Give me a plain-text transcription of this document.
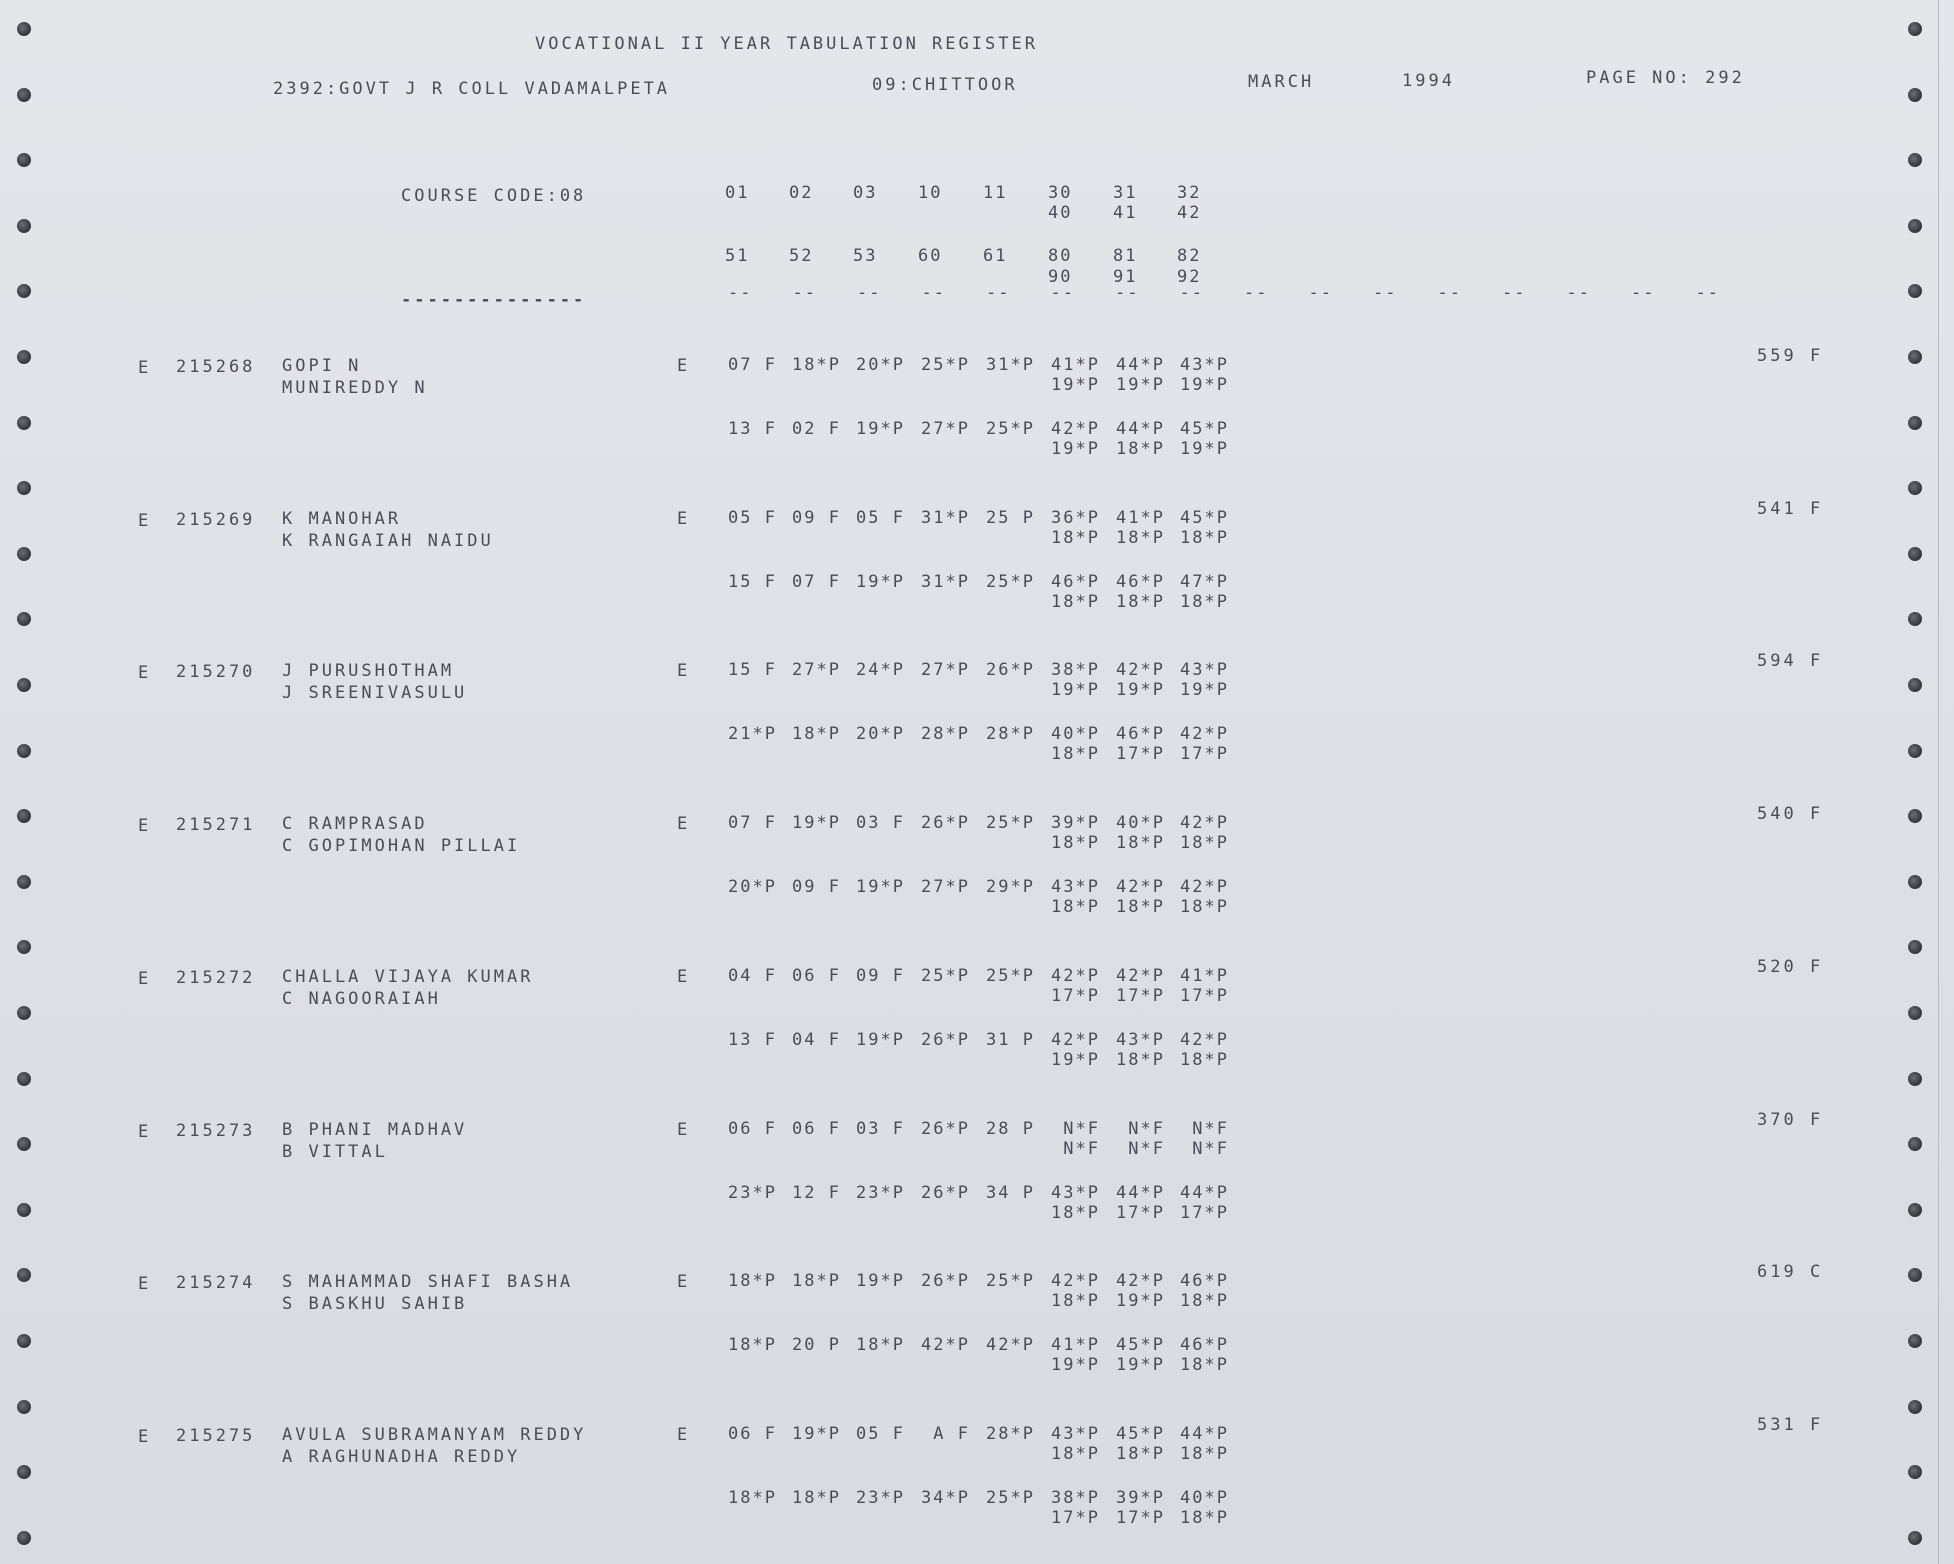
VOCATIONAL II YEAR TABULATION REGISTER
2392:GOVT J R COLL VADAMALPETA	09:CHITTOOR	MARCH	1994	PAGE NO: 292
COURSE CODE:08
--------------
01 02 03 10 11 30 31 32
40 41 42
51 52 53 60 61 80 81 82
90 91 92
-- -- -- -- -- -- -- -- -- -- -- -- -- -- -- --
E 215268 GOPI N
MUNIREDDY N
E	559 F
07 F 18*P 20*P 25*P 31*P 41*P 44*P 43*P
19*P 19*P 19*P
13 F 02 F 19*P 27*P 25*P 42*P 44*P 45*P
19*P 18*P 19*P
E 215269 K MANOHAR
K RANGAIAH NAIDU
E	541 F
05 F 09 F 05 F 31*P 25 P 36*P 41*P 45*P
18*P 18*P 18*P
15 F 07 F 19*P 31*P 25*P 46*P 46*P 47*P
18*P 18*P 18*P
E 215270 J PURUSHOTHAM
J SREENIVASULU
E	594 F
15 F 27*P 24*P 27*P 26*P 38*P 42*P 43*P
19*P 19*P 19*P
21*P 18*P 20*P 28*P 28*P 40*P 46*P 42*P
18*P 17*P 17*P
E 215271 C RAMPRASAD
C GOPIMOHAN PILLAI
E	540 F
07 F 19*P 03 F 26*P 25*P 39*P 40*P 42*P
18*P 18*P 18*P
20*P 09 F 19*P 27*P 29*P 43*P 42*P 42*P
18*P 18*P 18*P
E 215272 CHALLA VIJAYA KUMAR
C NAGOORAIAH
E	520 F
04 F 06 F 09 F 25*P 25*P 42*P 42*P 41*P
17*P 17*P 17*P
13 F 04 F 19*P 26*P 31 P 42*P 43*P 42*P
19*P 18*P 18*P
E 215273 B PHANI MADHAV
B VITTAL
E	370 F
06 F 06 F 03 F 26*P 28 P	N*F	N*F	N*F
N*F	N*F	N*F
23*P 12 F 23*P 26*P 34 P 43*P 44*P 44*P
18*P 17*P 17*P
E 215274 S MAHAMMAD SHAFI BASHA
S BASKHU SAHIB
E	619 C
18*P 18*P 19*P 26*P 25*P 42*P 42*P 46*P
18*P 19*P 18*P
18*P 20 P 18*P 42*P 42*P 41*P 45*P 46*P
19*P 19*P 18*P
E 215275 AVULA SUBRAMANYAM REDDY
A RAGHUNADHA REDDY
E	531 F
06 F 19*P 05 F	A F 28*P 43*P 45*P 44*P
18*P 18*P 18*P
18*P 18*P 23*P 34*P 25*P 38*P 39*P 40*P
17*P 17*P 18*P
